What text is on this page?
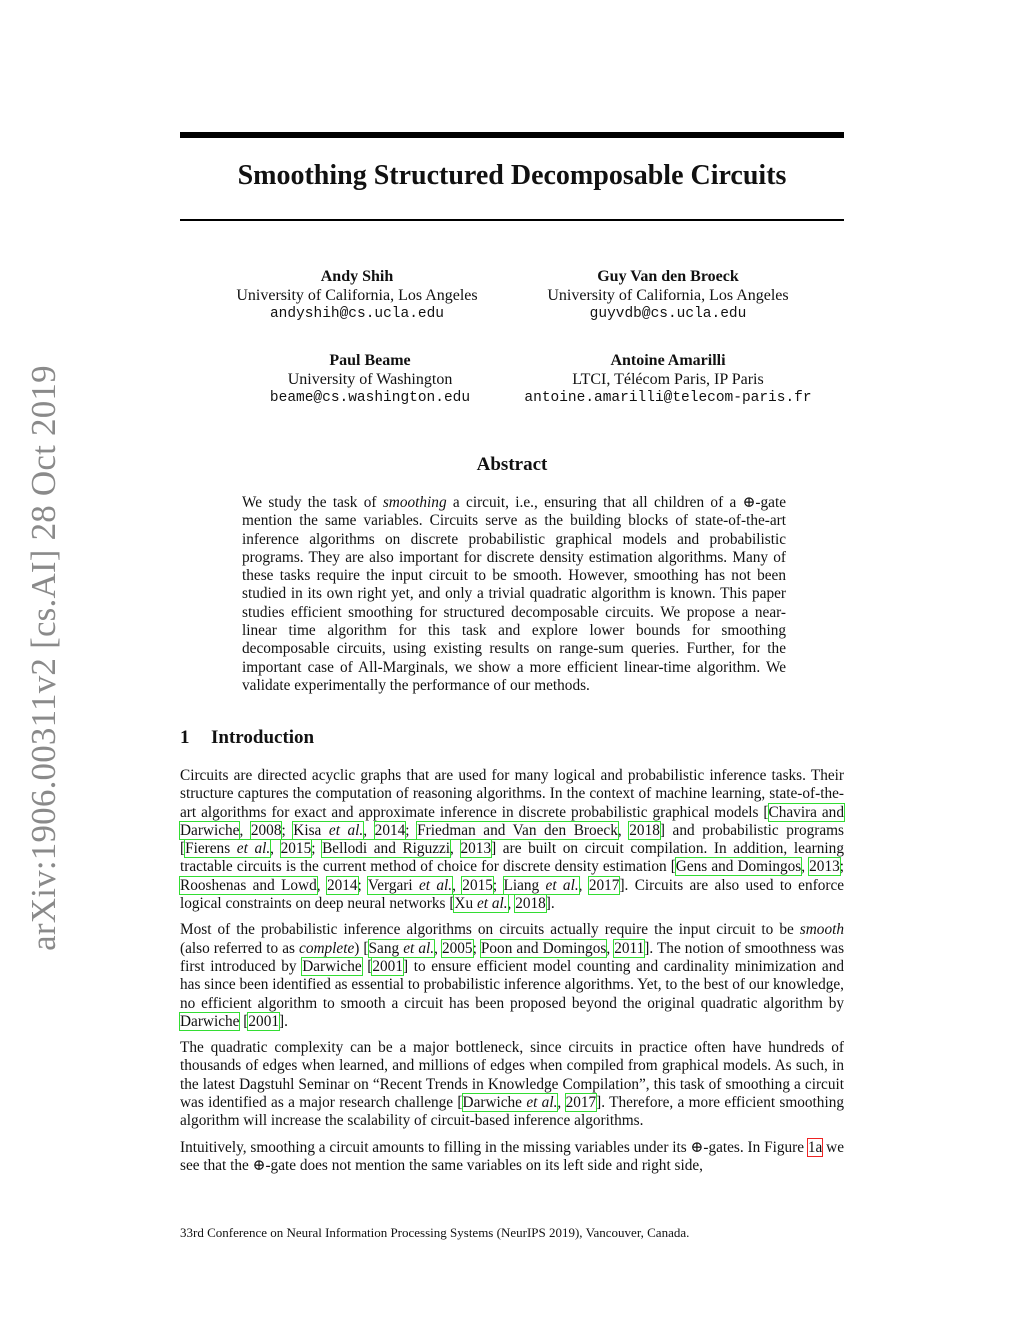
arXiv:1906.00311v2 [cs.AI] 28 Oct 2019
Smoothing Structured Decomposable Circuits
Andy Shih
University of California, Los Angeles
andyshih@cs.ucla.edu
Guy Van den Broeck
University of California, Los Angeles
guyvdb@cs.ucla.edu
Paul Beame
University of Washington
beame@cs.washington.edu
Antoine Amarilli
LTCI, Télécom Paris, IP Paris
antoine.amarilli@telecom-paris.fr
Abstract
We study the task of smoothing a circuit, i.e., ensuring that all children of a ⊕-gate mention the same variables. Circuits serve as the building blocks of state-of-the-art inference algorithms on discrete probabilistic graphical models and probabilistic programs. They are also important for discrete density estimation algorithms. Many of these tasks require the input circuit to be smooth. However, smoothing has not been studied in its own right yet, and only a trivial quadratic algorithm is known. This paper studies efficient smoothing for structured decomposable circuits. We propose a near-linear time algorithm for this task and explore lower bounds for smoothing decomposable circuits, using existing results on range-sum queries. Further, for the important case of All-Marginals, we show a more efficient linear-time algorithm. We validate experimentally the performance of our methods.
1 Introduction

Circuits are directed acyclic graphs that are used for many logical and probabilistic inference tasks. Their structure captures the computation of reasoning algorithms. In the context of machine learning, state-of-the-art algorithms for exact and approximate inference in discrete probabilistic graphical models [Chavira and Darwiche, 2008; Kisa et al., 2014; Friedman and Van den Broeck, 2018] and probabilistic programs [Fierens et al., 2015; Bellodi and Riguzzi, 2013] are built on circuit compilation. In addition, learning tractable circuits is the current method of choice for discrete density estimation [Gens and Domingos, 2013; Rooshenas and Lowd, 2014; Vergari et al., 2015; Liang et al., 2017]. Circuits are also used to enforce logical constraints on deep neural networks [Xu et al., 2018].

Most of the probabilistic inference algorithms on circuits actually require the input circuit to be smooth (also referred to as complete) [Sang et al., 2005; Poon and Domingos, 2011]. The notion of smoothness was first introduced by Darwiche [2001] to ensure efficient model counting and cardinality minimization and has since been identified as essential to probabilistic inference algorithms. Yet, to the best of our knowledge, no efficient algorithm to smooth a circuit has been proposed beyond the original quadratic algorithm by Darwiche [2001].

The quadratic complexity can be a major bottleneck, since circuits in practice often have hundreds of thousands of edges when learned, and millions of edges when compiled from graphical models. As such, in the latest Dagstuhl Seminar on “Recent Trends in Knowledge Compilation”, this task of smoothing a circuit was identified as a major research challenge [Darwiche et al., 2017]. Therefore, a more efficient smoothing algorithm will increase the scalability of circuit-based inference algorithms.

Intuitively, smoothing a circuit amounts to filling in the missing variables under its ⊕-gates. In Figure 1a we see that the ⊕-gate does not mention the same variables on its left side and right side,

33rd Conference on Neural Information Processing Systems (NeurIPS 2019), Vancouver, Canada.
